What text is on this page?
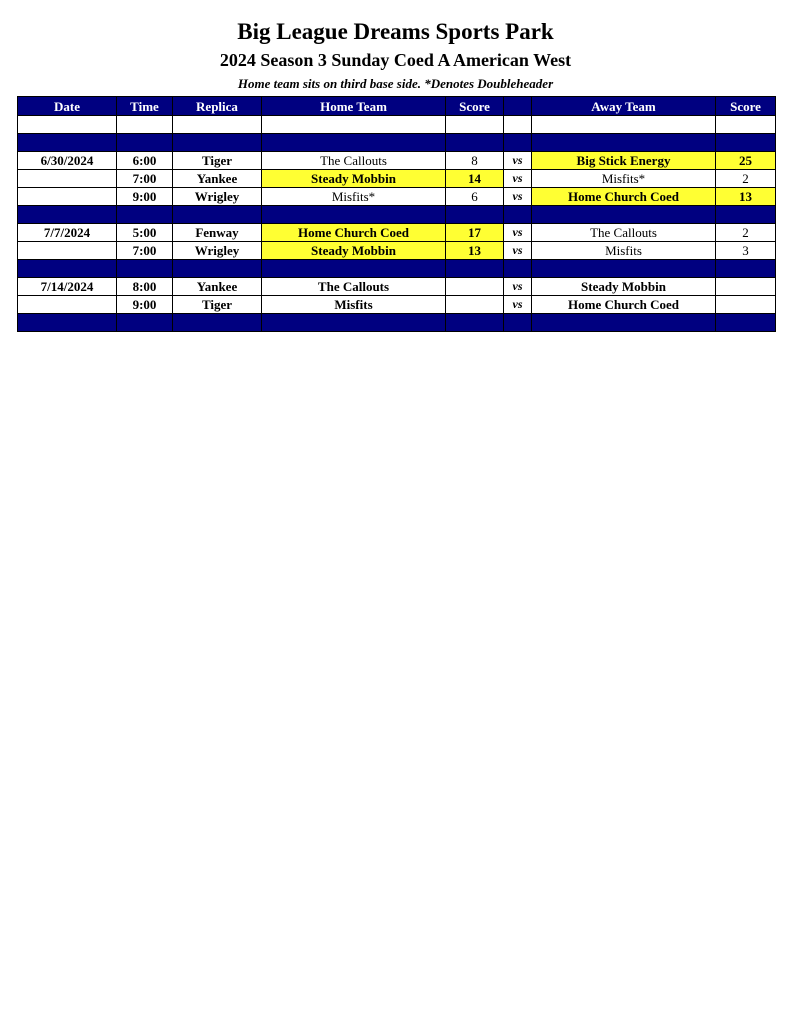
Big League Dreams Sports Park
2024 Season 3 Sunday Coed A American West
Home team sits on third base side. *Denotes Doubleheader
Date	Time	Replica	Home Team	Score		Away Team	Score

6/30/2024	6:00	Tiger	The Callouts	8	vs	Big Stick Energy	25
	7:00	Yankee	Steady Mobbin	14	vs	Misfits*	2
	9:00	Wrigley	Misfits*	6	vs	Home Church Coed	13

7/7/2024	5:00	Fenway	Home Church Coed	17	vs	The Callouts	2
	7:00	Wrigley	Steady Mobbin	13	vs	Misfits	3

7/14/2024	8:00	Yankee	The Callouts		vs	Steady Mobbin	
	9:00	Tiger	Misfits		vs	Home Church Coed	
